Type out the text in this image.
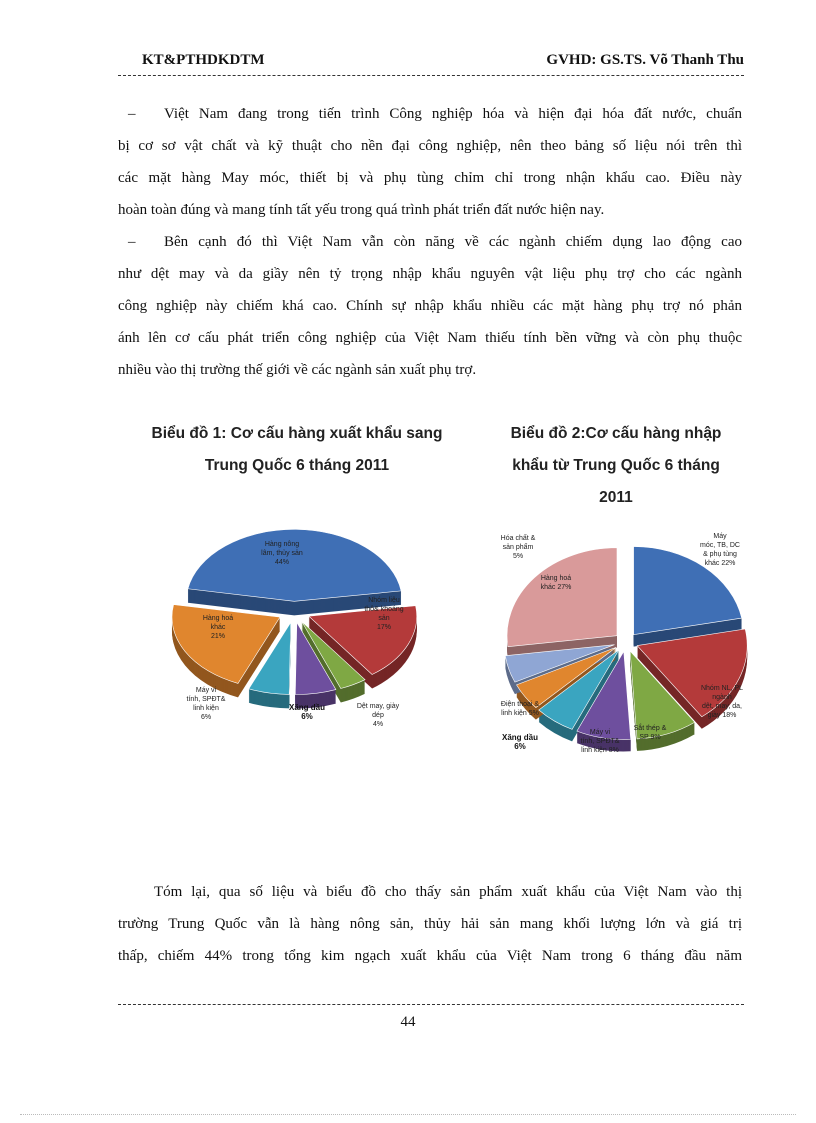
KT&PTHDKDTM	GVHD: GS.TS. Võ Thanh Thu
– Việt Nam đang trong tiến trình Công nghiệp hóa và hiện đại hóa đất nước, chuẩn
bị cơ sơ vật chất và kỹ thuật cho nền đại công nghiệp, nên theo bảng số liệu nói trên thì
các mặt hàng May móc, thiết bị và phụ tùng chỉm chỉ trong nhận khẩu cao. Điều này
hoàn toàn đúng và mang tính tất yếu trong quá trình phát triển đất nước hiện nay.
– Bên cạnh đó thì Việt Nam vẫn còn năng về các ngành chiếm dụng lao động cao
như dệt may và da giầy nên tỷ trọng nhập khẩu nguyên vật liệu phụ trợ cho các ngành
công nghiệp này chiếm khá cao. Chính sự nhập khẩu nhiều các mặt hàng phụ trợ nó phản
ánh lên cơ cấu phát triển công nghiệp của Việt Nam thiếu tính bền vững và còn phụ thuộc
nhiều vào thị trường thế giới về các ngành sản xuất phụ trợ.
Biểu đồ 1: Cơ cấu hàng xuất khẩu sang
Trung Quốc 6 tháng 2011
Biểu đồ 2:Cơ cấu hàng nhập
khẩu từ Trung Quốc 6 tháng
2011
Hàng nông lâm, thủy sản 44%
Nhóm liệu thô& khoáng sản 17%
Dệt may, giày dép 4%
Xăng dầu 6%
Máy vi tính, SPĐT& linh kiện 6%
Hàng hoá khác 21%
Máy móc, TB, DC & phụ tùng khác 22%
Nhóm NL, PL ngành dệt, may, da, giày 18%
Sắt thép & SP 9%
Máy vi tính, SPĐT& linh kiện 8%
Xăng dầu 6%
Điện thoại & linh kiện 5%
Hóa chất & sản phẩm 5%
Hàng hoá khác 27%
Tóm lại, qua số liệu và biểu đồ cho thấy sản phẩm xuất khẩu của Việt Nam vào thị
trường Trung Quốc vẫn là hàng nông sản, thủy hải sản mang khối lượng lớn và giá trị
thấp, chiếm 44% trong tổng kim ngạch xuất khẩu của Việt Nam trong 6 tháng đầu năm
44
